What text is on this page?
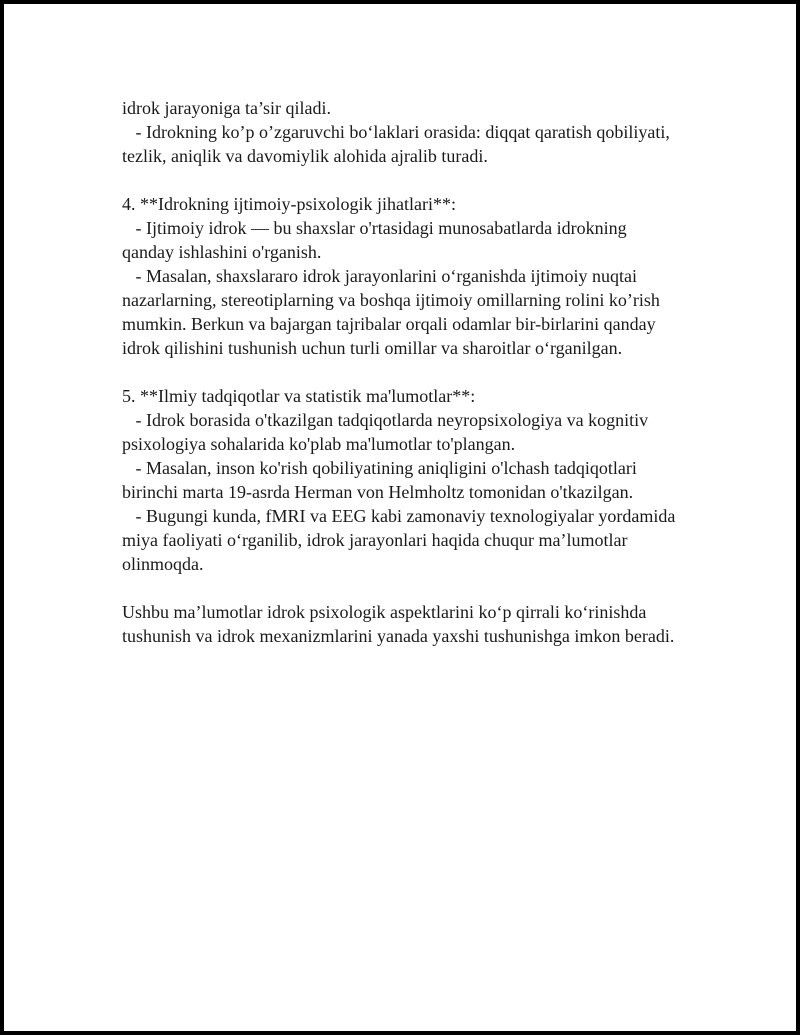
idrok jarayoniga ta’sir qiladi.
- Idrokning ko’p o’zgaruvchi bo‘laklari orasida: diqqat qaratish qobiliyati,
tezlik, aniqlik va davomiylik alohida ajralib turadi.
4. **Idrokning ijtimoiy-psixologik jihatlari**:
- Ijtimoiy idrok — bu shaxslar o'rtasidagi munosabatlarda idrokning
qanday ishlashini o'rganish.
- Masalan, shaxslararo idrok jarayonlarini o‘rganishda ijtimoiy nuqtai
nazarlarning, stereotiplarning va boshqa ijtimoiy omillarning rolini ko’rish
mumkin. Berkun va bajargan tajribalar orqali odamlar bir-birlarini qanday
idrok qilishini tushunish uchun turli omillar va sharoitlar o‘rganilgan.
5. **Ilmiy tadqiqotlar va statistik ma'lumotlar**:
- Idrok borasida o'tkazilgan tadqiqotlarda neyropsixologiya va kognitiv
psixologiya sohalarida ko'plab ma'lumotlar to'plangan.
- Masalan, inson ko'rish qobiliyatining aniqligini o'lchash tadqiqotlari
birinchi marta 19-asrda Herman von Helmholtz tomonidan o'tkazilgan.
- Bugungi kunda, fMRI va EEG kabi zamonaviy texnologiyalar yordamida
miya faoliyati o‘rganilib, idrok jarayonlari haqida chuqur ma’lumotlar
olinmoqda.
Ushbu ma’lumotlar idrok psixologik aspektlarini ko‘p qirrali ko‘rinishda
tushunish va idrok mexanizmlarini yanada yaxshi tushunishga imkon beradi.
